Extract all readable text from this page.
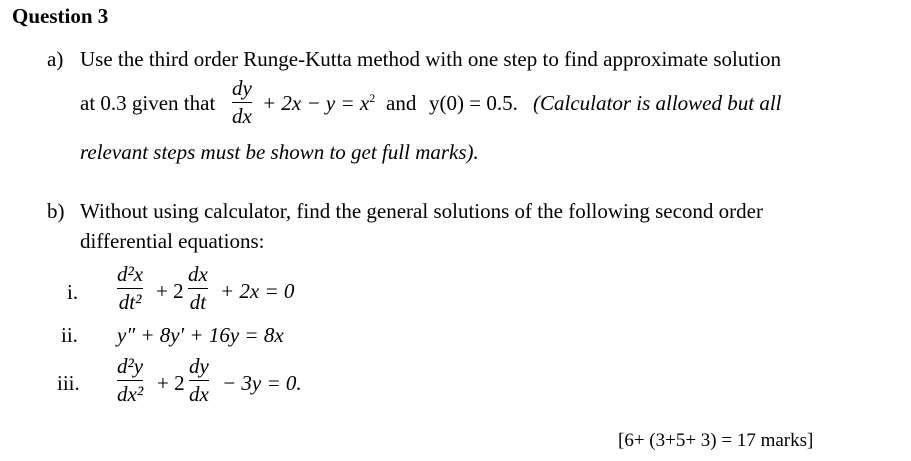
Question 3
a) Use the third order Runge-Kutta method with one step to find approximate solution
at 0.3 given that
dy
dx
+ $2x - y = x^2$ and y(0) = 0.5. (Calculator is allowed but all
relevant steps must be shown to get full marks).
b) Without using calculator, find the general solutions of the following second order
differential equations:
i.
d²x
dt² + 2
dx
dt + 2x = 0
ii. y″ + 8y′ + 16y = 8x
iii.
d²y
dx² + 2
dy
dx − 3y = 0.
[6+ (3+5+ 3) = 17 marks]
